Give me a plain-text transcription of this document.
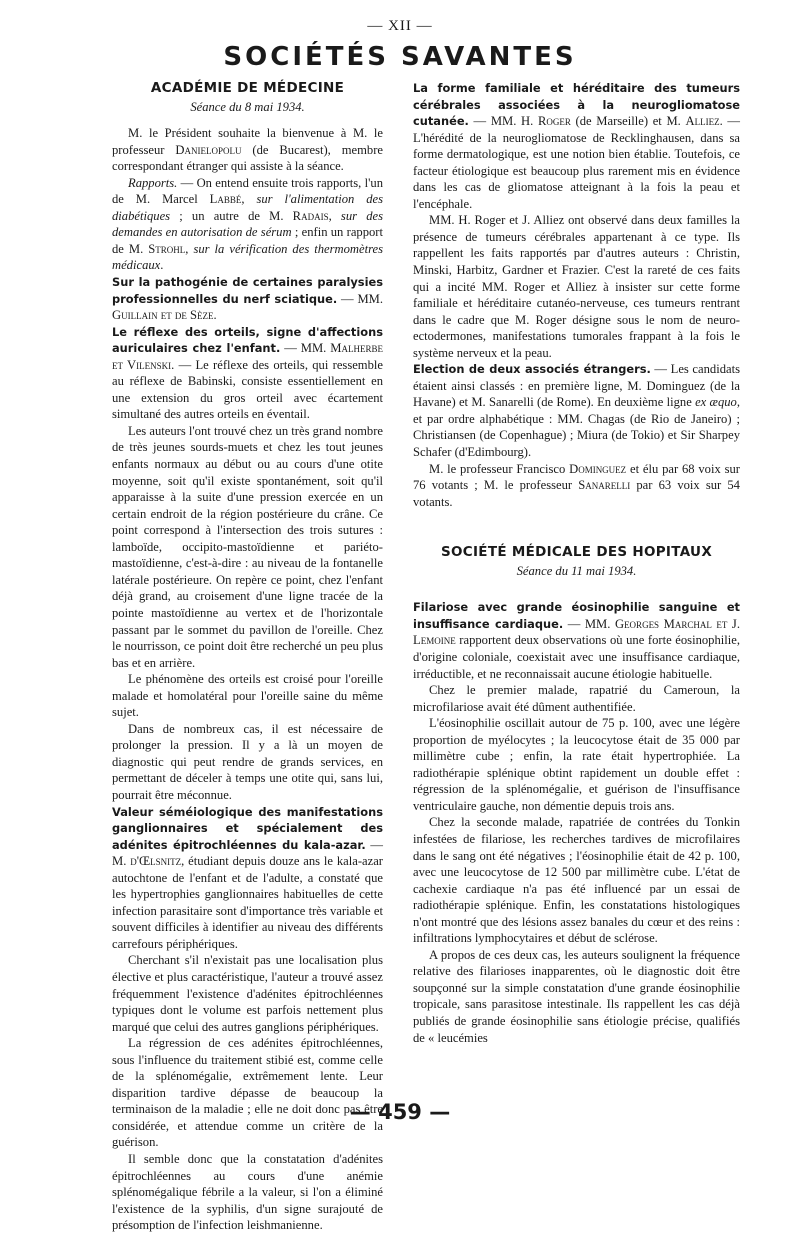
— XII —
SOCIÉTÉS SAVANTES
ACADÉMIE DE MÉDECINE
Séance du 8 mai 1934.

M. le Président souhaite la bienvenue à M. le professeur Danielopolu (de Bucarest), membre correspondant étranger qui assiste à la séance.

Rapports. — On entend ensuite trois rapports, l'un de M. Marcel Labbé, sur l'alimentation des diabétiques ; un autre de M. Radais, sur des demandes en autorisation de sérum ; enfin un rapport de M. Strohl, sur la vérification des thermomètres médicaux.

Sur la pathogénie de certaines paralysies professionnelles du nerf sciatique. — MM. Guillain et de Sèze.

Le réflexe des orteils, signe d'affections auriculaires chez l'enfant. — MM. Malherbe et Vilenski. — Le réflexe des orteils, qui ressemble au réflexe de Babinski, consiste essentiellement en une extension du gros orteil avec écartement simultané des autres orteils en éventail.

Les auteurs l'ont trouvé chez un très grand nombre de très jeunes sourds-muets et chez les tout jeunes enfants normaux au début ou au cours d'une otite moyenne, soit qu'il existe spontanément, soit qu'il apparaisse à la suite d'une pression exercée en un certain endroit de la région postérieure du crâne. Ce point correspond à l'intersection des trois sutures : lamboïde, occipito-mastoïdienne et pariéto-mastoïdienne, c'est-à-dire : au niveau de la fontanelle latérale postérieure. On repère ce point, chez l'enfant déjà grand, au croisement d'une ligne tracée de la pointe mastoïdienne au vertex et de l'horizontale passant par le sommet du pavillon de l'oreille. Chez le nourrisson, ce point doit être recherché un peu plus bas et en arrière.

Le phénomène des orteils est croisé pour l'oreille malade et homolatéral pour l'oreille saine du même sujet.

Dans de nombreux cas, il est nécessaire de prolonger la pression. Il y a là un moyen de diagnostic qui peut rendre de grands services, en permettant de déceler à temps une otite qui, sans lui, pourrait être méconnue.

Valeur séméiologique des manifestations ganglionnaires et spécialement des adénites épitrochléennes du kala-azar. — M. d'Œlsnitz, étudiant depuis douze ans le kala-azar autochtone de l'enfant et de l'adulte, a constaté que les hypertrophies ganglionnaires habituelles de cette infection parasitaire sont d'importance très variable et souvent difficiles à identifier au niveau des différents carrefours périphériques.

Cherchant s'il n'existait pas une localisation plus élective et plus caractéristique, l'auteur a trouvé assez fréquemment l'existence d'adénites épitrochléennes typiques dont le volume est parfois nettement plus marqué que celui des autres ganglions périphériques.

La régression de ces adénites épitrochléennes, sous l'influence du traitement stibié est, comme celle de la splénomégalie, extrêmement lente. Leur disparition tardive dépasse de beaucoup la terminaison de la maladie ; elle ne doit donc pas être considérée, et attendue comme un critère de la guérison.

Il semble donc que la constatation d'adénites épitrochléennes au cours d'une anémie splénomégalique fébrile a la valeur, si l'on a éliminé l'existence de la syphilis, d'un signe surajouté de présomption de l'infection leishmanienne.

La forme familiale et héréditaire des tumeurs cérébrales associées à la neurogliomatose cutanée. — MM. H. Roger (de Marseille) et M. Alliez. — L'hérédité de la neurogliomatose de Recklinghausen, dans sa forme dermatologique, est une notion bien établie. Toutefois, ce facteur étiologique est beaucoup plus rarement mis en évidence dans les cas de gliomatose atteignant à la fois la peau et l'encéphale.

MM. H. Roger et J. Alliez ont observé dans deux familles la présence de tumeurs cérébrales appartenant à ce type. Ils rappellent les faits rapportés par d'autres auteurs : Christin, Minski, Harbitz, Gardner et Frazier. C'est la rareté de ces faits qui a incité MM. Roger et Alliez à insister sur cette forme familiale et héréditaire cutanéo-nerveuse, ces tumeurs rentrant dans le cadre que M. Roger désigne sous le nom de neuro-ectodermones, manifestations tumorales frappant à la fois le système nerveux et la peau.

Election de deux associés étrangers. — Les candidats étaient ainsi classés : en première ligne, M. Dominguez (de la Havane) et M. Sanarelli (de Rome). En deuxième ligne ex æquo, et par ordre alphabétique : MM. Chagas (de Rio de Janeiro) ; Christiansen (de Copenhague) ; Miura (de Tokio) et Sir Sharpey Schafer (d'Edimbourg).

M. le professeur Francisco Dominguez et élu par 68 voix sur 76 votants ; M. le professeur Sanarelli par 63 voix sur 54 votants.

SOCIÉTÉ MÉDICALE DES HOPITAUX
Séance du 11 mai 1934.

Filariose avec grande éosinophilie sanguine et insuffisance cardiaque. — MM. Georges Marchal et J. Lemoine rapportent deux observations où une forte éosinophilie, d'origine coloniale, coexistait avec une insuffisance cardiaque, irréductible, et ne reconnaissait aucune étiologie habituelle.

Chez le premier malade, rapatrié du Cameroun, la microfilariose avait été dûment authentifiée.

L'éosinophilie oscillait autour de 75 p. 100, avec une légère proportion de myélocytes ; la leucocytose était de 35 000 par millimètre cube ; enfin, la rate était hypertrophiée. La radiothérapie splénique obtint rapidement un double effet : régression de la splénomégalie, et guérison de l'insuffisance ventriculaire gauche, non démentie depuis trois ans.

Chez la seconde malade, rapatriée de contrées du Tonkin infestées de filariose, les recherches tardives de microfilaires dans le sang ont été négatives ; l'éosinophilie était de 42 p. 100, avec une leucocytose de 12 500 par millimètre cube. L'état de cachexie cardiaque n'a pas été influencé par un essai de radiothérapie splénique. Enfin, les constatations histologiques n'ont montré que des lésions assez banales du cœur et des reins : infiltrations lymphocytaires et début de sclérose.

A propos de ces deux cas, les auteurs soulignent la fréquence relative des filarioses inapparentes, où le diagnostic doit être soupçonné sur la simple constatation d'une grande éosinophilie tropicale, sans parasitose intestinale. Ils rappellent les cas déjà publiés de grande éosinophilie sans étiologie précise, qualifiés de « leucémies

— 459 —
